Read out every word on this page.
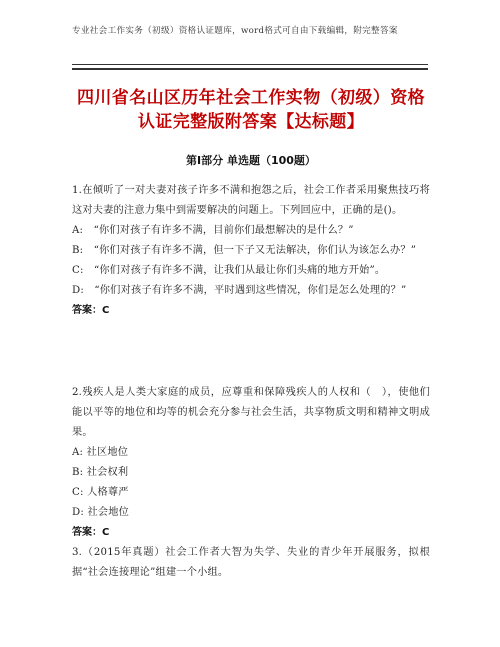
专业社会工作实务（初级）资格认证题库，word格式可自由下载编辑，附完整答案
四川省名山区历年社会工作实物（初级）资格认证完整版附答案【达标题】
第Ⅰ部分 单选题（100题）
1.在倾听了一对夫妻对孩子许多不满和抱怨之后，社会工作者采用聚焦技巧将这对夫妻的注意力集中到需要解决的问题上。下列回应中，正确的是()。
A:　“你们对孩子有许多不满，目前你们最想解决的是什么？”
B:　“你们对孩子有许多不满，但一下子又无法解决，你们认为该怎么办？”
C:　“你们对孩子有许多不满，让我们从最让你们头痛的地方开始”。
D:　“你们对孩子有许多不满，平时遇到这些情况，你们是怎么处理的？”
答案：C
2.残疾人是人类大家庭的成员，应尊重和保障残疾人的人权和（　），使他们能以平等的地位和均等的机会充分参与社会生活，共享物质文明和精神文明成果。
A: 社区地位
B: 社会权利
C: 人格尊严
D: 社会地位
答案：C
3.（2015年真题）社会工作者大智为失学、失业的青少年开展服务，拟根据“社会连接理论”组建一个小组。
